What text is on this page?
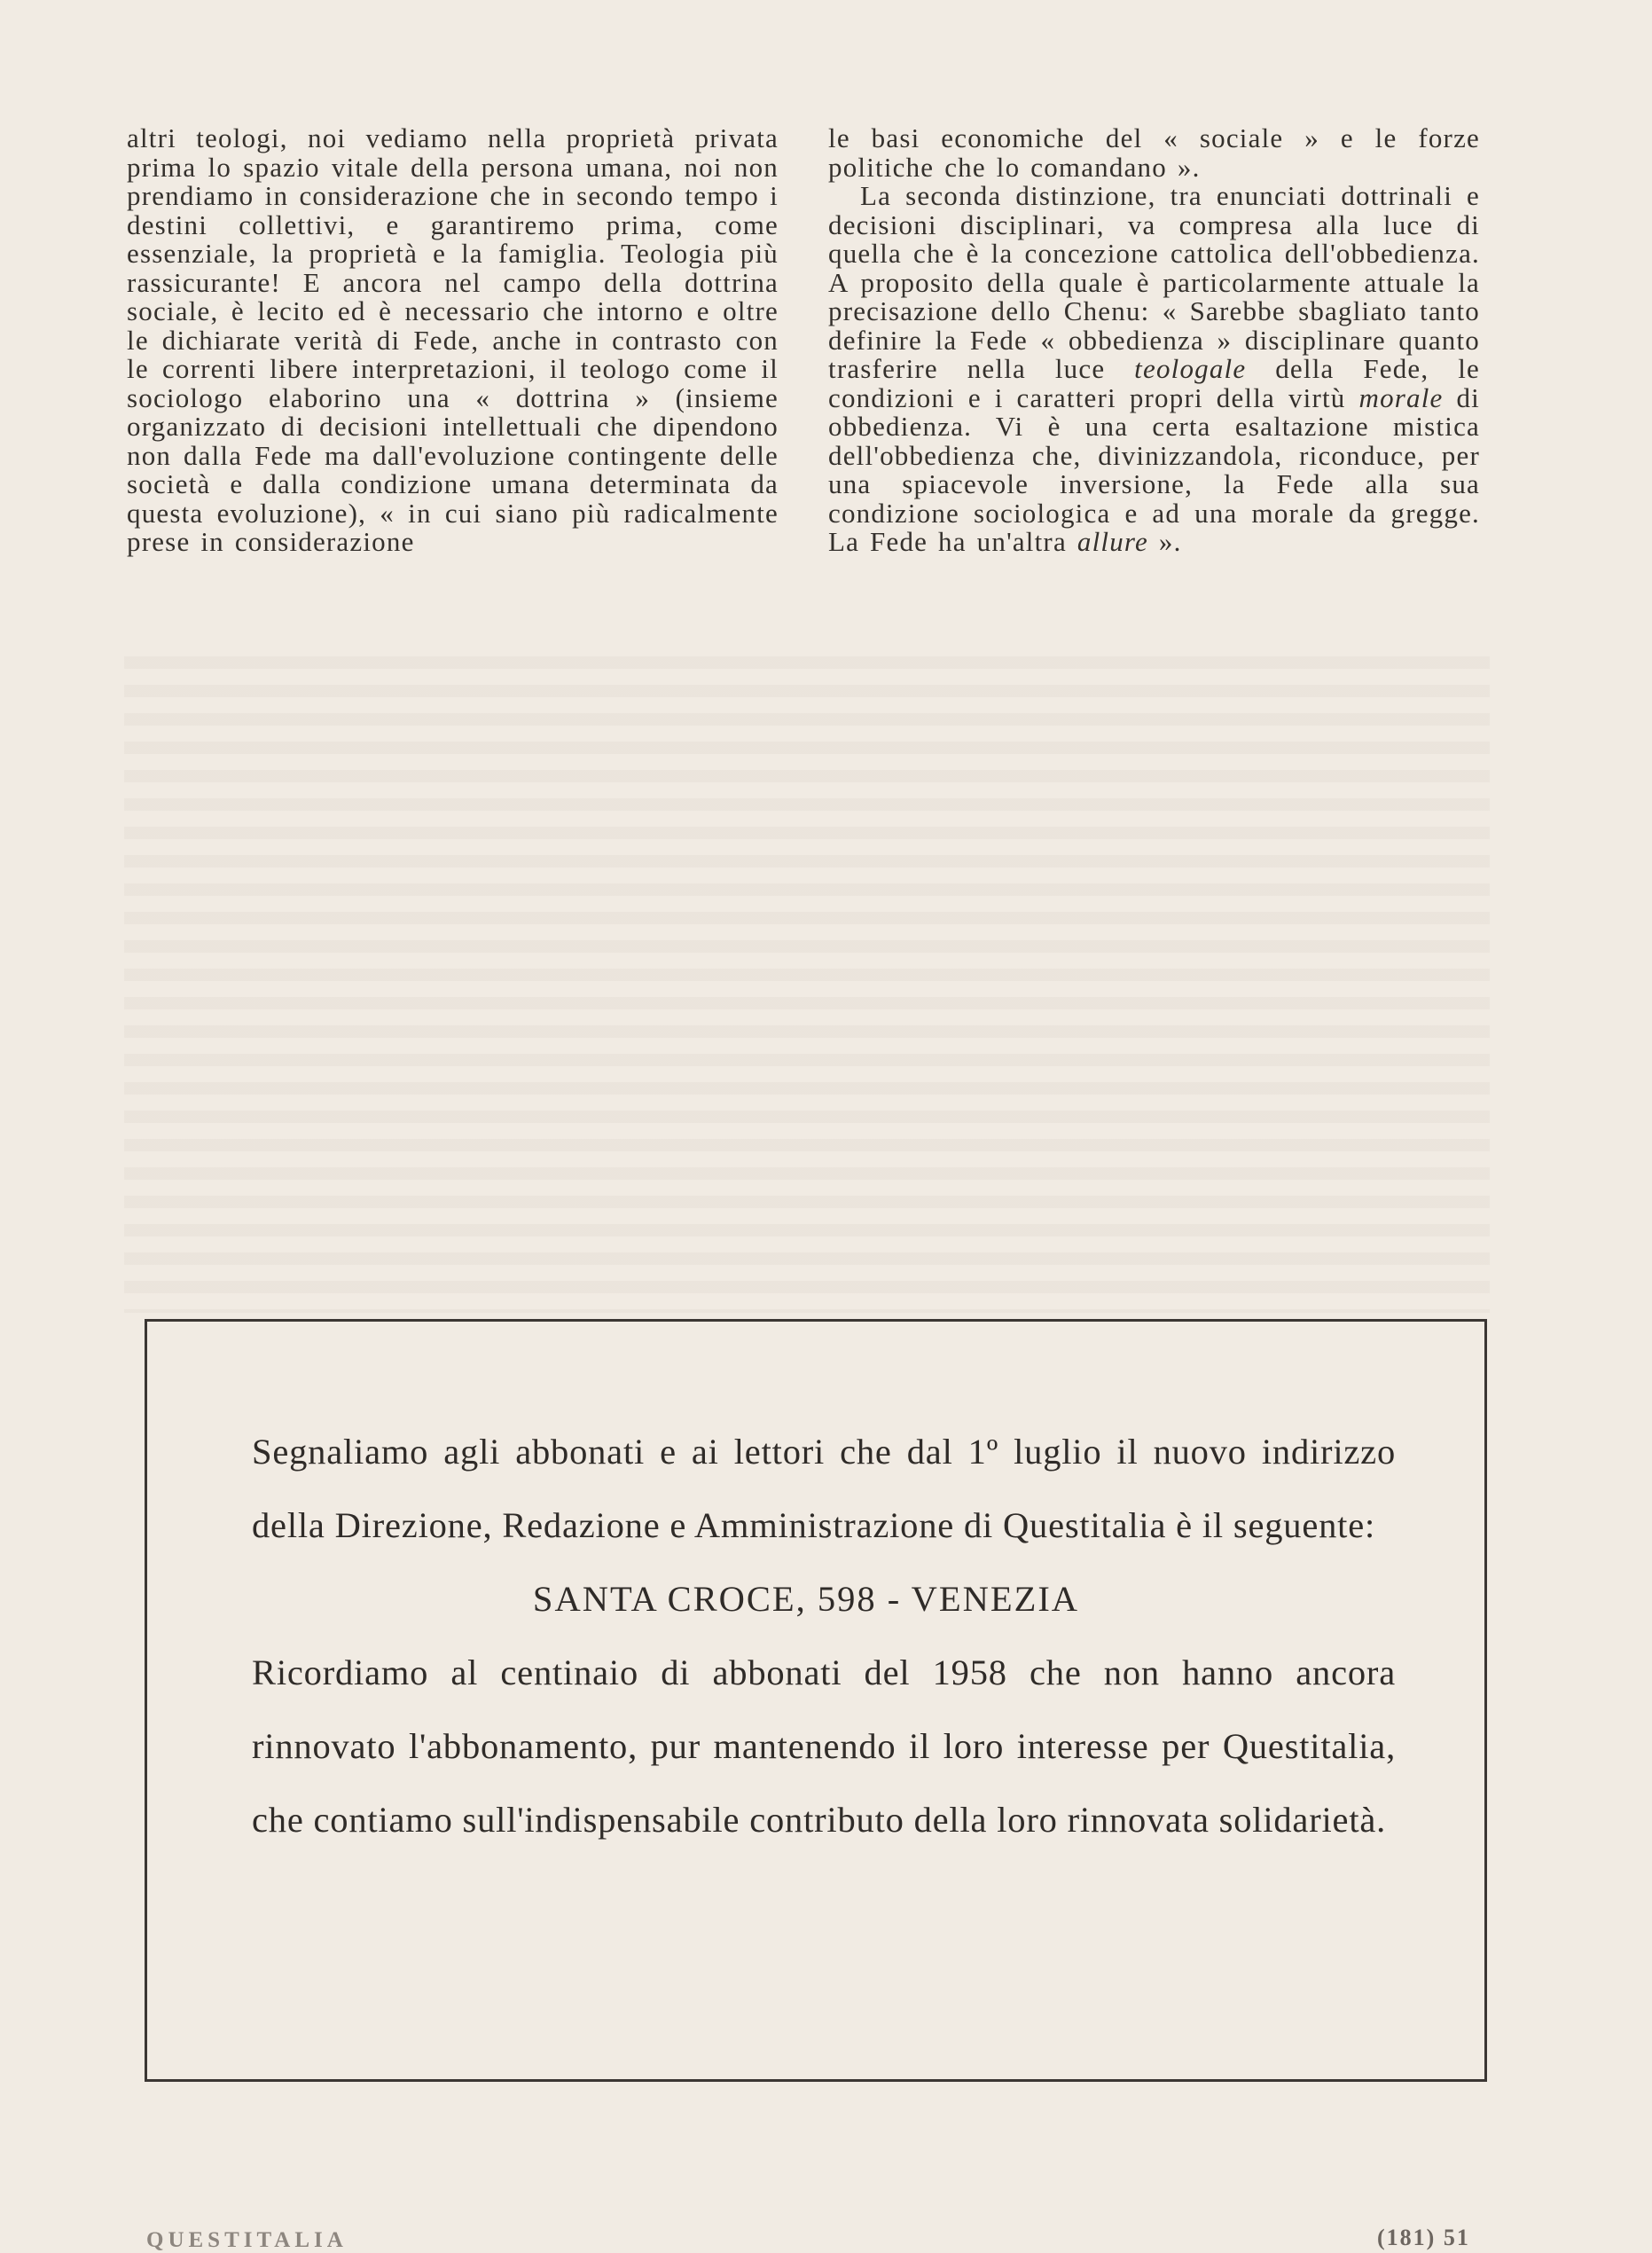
altri teologi, noi vediamo nella proprietà privata prima lo spazio vitale della persona umana, noi non prendiamo in considerazione che in secondo tempo i destini collettivi, e garantiremo prima, come essenziale, la proprietà e la famiglia. Teologia più rassicurante! E ancora nel campo della dottrina sociale, è lecito ed è necessario che intorno e oltre le dichiarate verità di Fede, anche in contrasto con le correnti libere interpretazioni, il teologo come il sociologo elaborino una « dottrina » (insieme organizzato di decisioni intellettuali che dipendono non dalla Fede ma dall'evoluzione contingente delle società e dalla condizione umana determinata da questa evoluzione), « in cui siano più radicalmente prese in considerazione

le basi economiche del « sociale » e le forze politiche che lo comandano ».

La seconda distinzione, tra enunciati dottrinali e decisioni disciplinari, va compresa alla luce di quella che è la concezione cattolica dell'obbedienza. A proposito della quale è particolarmente attuale la precisazione dello Chenu: « Sarebbe sbagliato tanto definire la Fede « obbedienza » disciplinare quanto trasferire nella luce teologale della Fede, le condizioni e i caratteri propri della virtù morale di obbedienza. Vi è una certa esaltazione mistica dell'obbedienza che, divinizzandola, riconduce, per una spiacevole inversione, la Fede alla sua condizione sociologica e ad una morale da gregge. La Fede ha un'altra allure ».

Segnaliamo agli abbonati e ai lettori che dal 1º luglio il nuovo indirizzo della Direzione, Redazione e Amministrazione di Questitalia è il seguente:

SANTA CROCE, 598 - VENEZIA

Ricordiamo al centinaio di abbonati del 1958 che non hanno ancora rinnovato l'abbonamento, pur mantenendo il loro interesse per Questitalia, che contiamo sull'indispensabile contributo della loro rinnovata solidarietà.

QUESTITALIA	(181) 51
